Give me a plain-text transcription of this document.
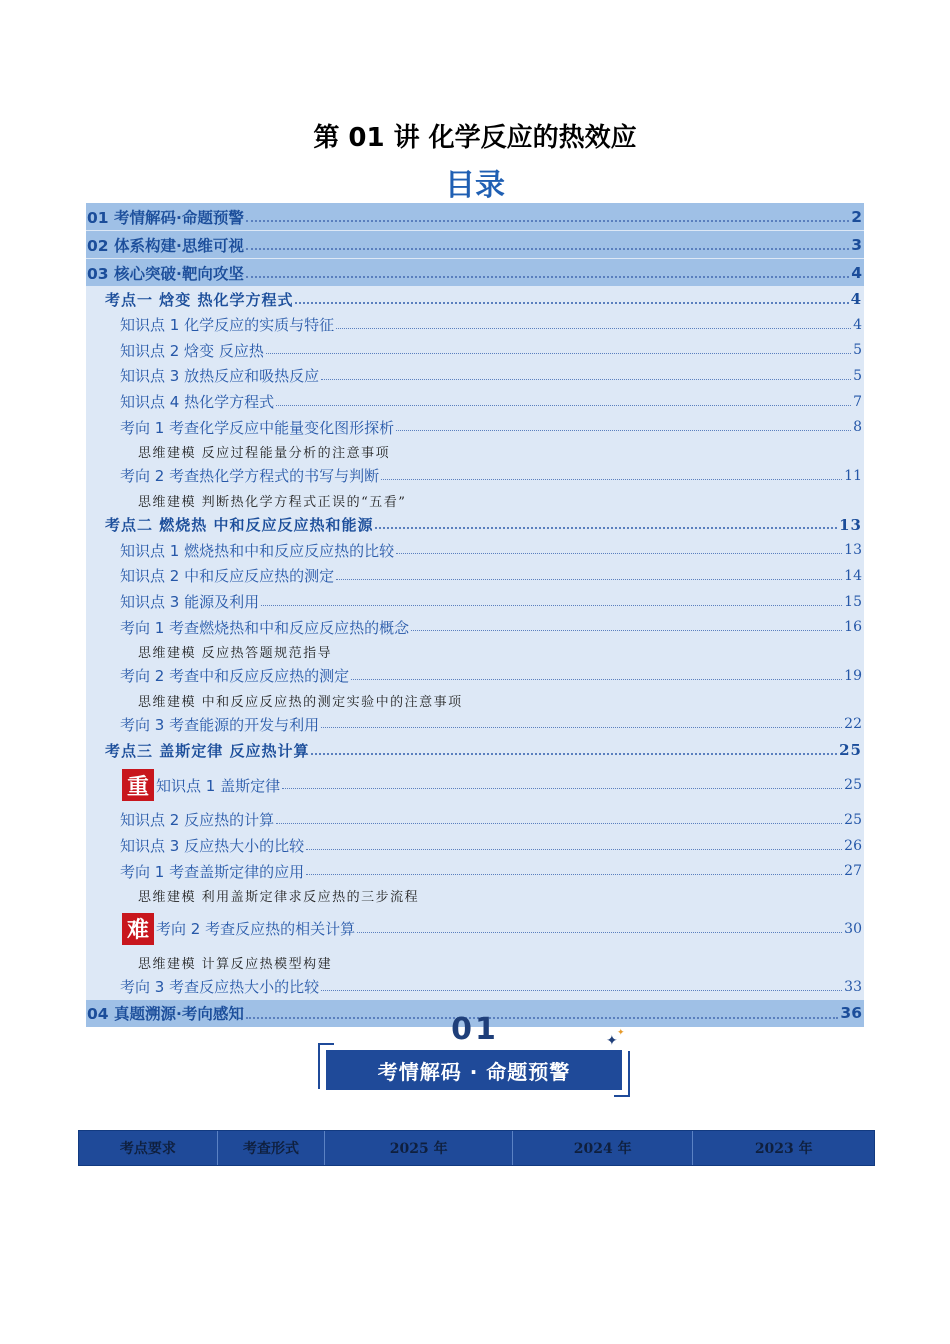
第 01 讲 化学反应的热效应
目录
01 考情解码·命题预警	2
02 体系构建·思维可视	3
03 核心突破·靶向攻坚	4
考点一 焓变 热化学方程式	4
知识点 1 化学反应的实质与特征	4
知识点 2 焓变 反应热	5
知识点 3 放热反应和吸热反应	5
知识点 4 热化学方程式	7
考向 1 考查化学反应中能量变化图形探析	8
思维建模 反应过程能量分析的注意事项
考向 2 考查热化学方程式的书写与判断	11
思维建模 判断热化学方程式正误的“五看”
考点二 燃烧热 中和反应反应热和能源	13
知识点 1 燃烧热和中和反应反应热的比较	13
知识点 2 中和反应反应热的测定	14
知识点 3 能源及利用	15
考向 1 考查燃烧热和中和反应反应热的概念	16
思维建模 反应热答题规范指导
考向 2 考查中和反应反应热的测定	19
思维建模 中和反应反应热的测定实验中的注意事项
考向 3 考查能源的开发与利用	22
考点三 盖斯定律 反应热计算	25
重 知识点 1 盖斯定律	25
知识点 2 反应热的计算	25
知识点 3 反应热大小的比较	26
考向 1 考查盖斯定律的应用	27
思维建模 利用盖斯定律求反应热的三步流程
难 考向 2 考查反应热的相关计算	30
思维建模 计算反应热模型构建
考向 3 考查反应热大小的比较	33
04 真题溯源·考向感知	36
01
考情解码 · 命题预警
✦ ✦
考点要求	考查形式	2025 年	2024 年	2023 年
